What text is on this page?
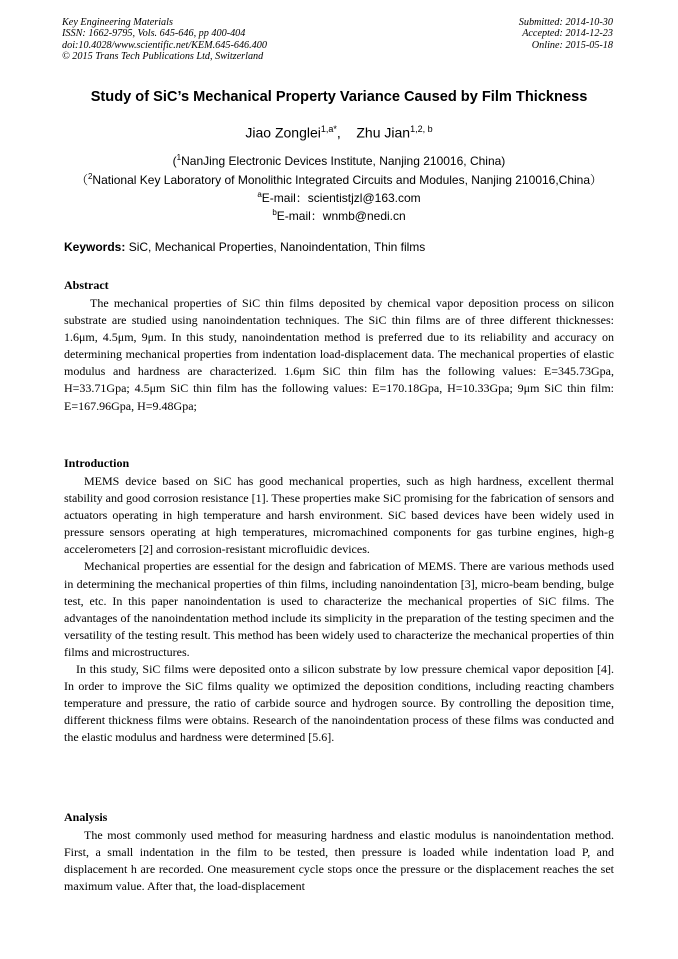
Key Engineering Materials
ISSN: 1662-9795, Vols. 645-646, pp 400-404
doi:10.4028/www.scientific.net/KEM.645-646.400
© 2015 Trans Tech Publications Ltd, Switzerland
Submitted: 2014-10-30
Accepted: 2014-12-23
Online: 2015-05-18
Study of SiC’s Mechanical Property Variance Caused by Film Thickness
Jiao Zonglei$^{1,a*}$, Zhu Jian$^{1,2, b}$
($^1$NanJing Electronic Devices Institute, Nanjing 210016, China)
（$^2$National Key Laboratory of Monolithic Integrated Circuits and Modules, Nanjing 210016,China）
$^a$E-mail：scientistjzl@163.com
$^b$E-mail：wnmb@nedi.cn
Keywords: SiC, Mechanical Properties, Nanoindentation, Thin films
Abstract

The mechanical properties of SiC thin films deposited by chemical vapor deposition process on silicon substrate are studied using nanoindentation techniques. The SiC thin films are of three different thicknesses: 1.6μm, 4.5μm, 9μm. In this study, nanoindentation method is preferred due to its reliability and accuracy on determining mechanical properties from indentation load-displacement data. The mechanical properties of elastic modulus and hardness are characterized. 1.6μm SiC thin film has the following values: E=345.73Gpa, H=33.71Gpa; 4.5μm SiC thin film has the following values: E=170.18Gpa, H=10.33Gpa; 9μm SiC thin film: E=167.96Gpa, H=9.48Gpa;

Introduction

MEMS device based on SiC has good mechanical properties, such as high hardness, excellent thermal stability and good corrosion resistance [1]. These properties make SiC promising for the fabrication of sensors and actuators operating in high temperature and harsh environment. SiC based devices have been widely used in pressure sensors operating at high temperatures, micromachined components for gas turbine engines, high-g accelerometers [2] and corrosion-resistant microfluidic devices.

Mechanical properties are essential for the design and fabrication of MEMS. There are various methods used in determining the mechanical properties of thin films, including nanoindentation [3], micro-beam bending, bulge test, etc. In this paper nanoindentation is used to characterize the mechanical properties of SiC films. The advantages of the nanoindentation method include its simplicity in the preparation of the testing specimen and the versatility of the testing result. This method has been widely used to characterize the mechanical properties of thin films and microstructures.

In this study, SiC films were deposited onto a silicon substrate by low pressure chemical vapor deposition [4]. In order to improve the SiC films quality we optimized the deposition conditions, including reacting chambers temperature and pressure, the ratio of carbide source and hydrogen source. By controlling the deposition time, different thickness films were obtains. Research of the nanoindentation process of these films was conducted and the elastic modulus and hardness were determined [5.6].

Analysis

The most commonly used method for measuring hardness and elastic modulus is nanoindentation method. First, a small indentation in the film to be tested, then pressure is loaded while indentation load P, and displacement h are recorded. One measurement cycle stops once the pressure or the displacement reaches the set maximum value. After that, the load-displacement
